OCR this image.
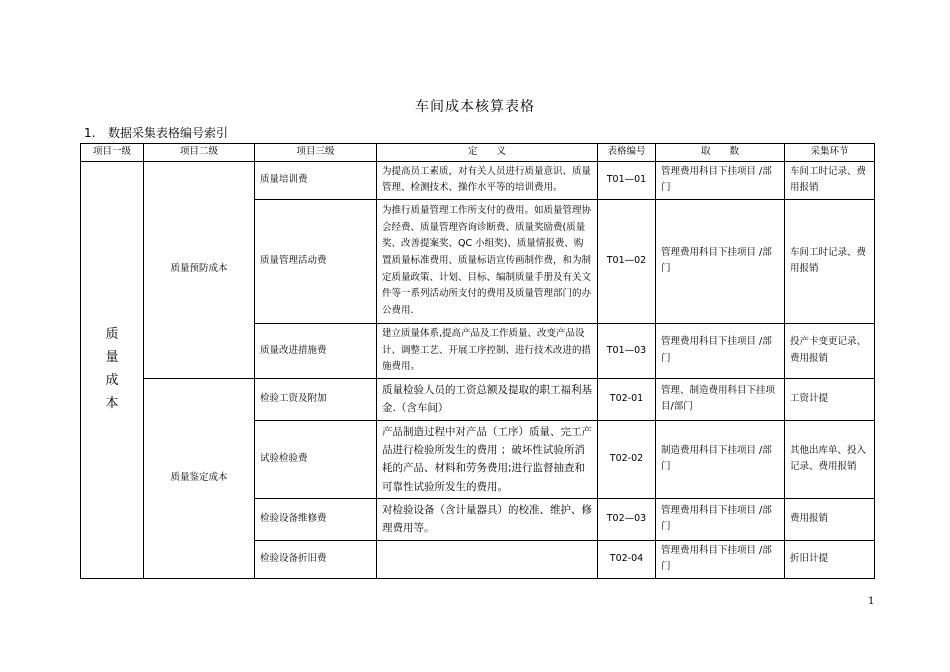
车间成本核算表格
1. 数据采集表格编号索引
项目一级	项目二级	项目三级	定　　义	表格编号	取　　数	采集环节

质
量
成
本	质量预防成本	质量培训费	为提高员工素质，对有关人员进行质量意识、质量管理、检测技术、操作水平等的培训费用。	T01—01	管理费用科目下挂项目 /部门	车间工时记录、费用报销
		质量管理活动费	为推行质量管理工作所支付的费用。如质量管理协会经费、质量管理咨询诊断费、质量奖励费(质量奖、改善提案奖、QC 小组奖)、质量情报费、购置质量标准费用、质量标语宣传画制作费，和为制定质量政策、计划、目标、编制质量手册及有关文件等一系列活动所支付的费用及质量管理部门的办公费用.	T01—02	管理费用科目下挂项目 /部门	车间工时记录、费用报销
		质量改进措施费	建立质量体系,提高产品及工作质量、改变产品设计、调整工艺、开展工序控制、进行技术改进的措施费用。	T01—03	管理费用科目下挂项目 /部门	投产卡变更记录、费用报销
	质量鉴定成本	检验工资及附加	质量检验人员的工资总额及提取的职工福利基金.（含车间）	T02-01	管理、制造费用科目下挂项目/部门	工资计提
		试验检验费	产品制造过程中对产品（工序）质量、完工产品进行检验所发生的费用 ；破坏性试验所消耗的产品、材料和劳务费用;进行监督抽查和可靠性试验所发生的费用。	T02-02	制造费用科目下挂项目 /部门	其他出库单、投入记录、费用报销
		检验设备维修费	对检验设备（含计量器具）的校准、维护、修理费用等。	T02—03	管理费用科目下挂项目 /部门	费用报销
		检验设备折旧费		T02-04	管理费用科目下挂项目 /部门	折旧计提
1
